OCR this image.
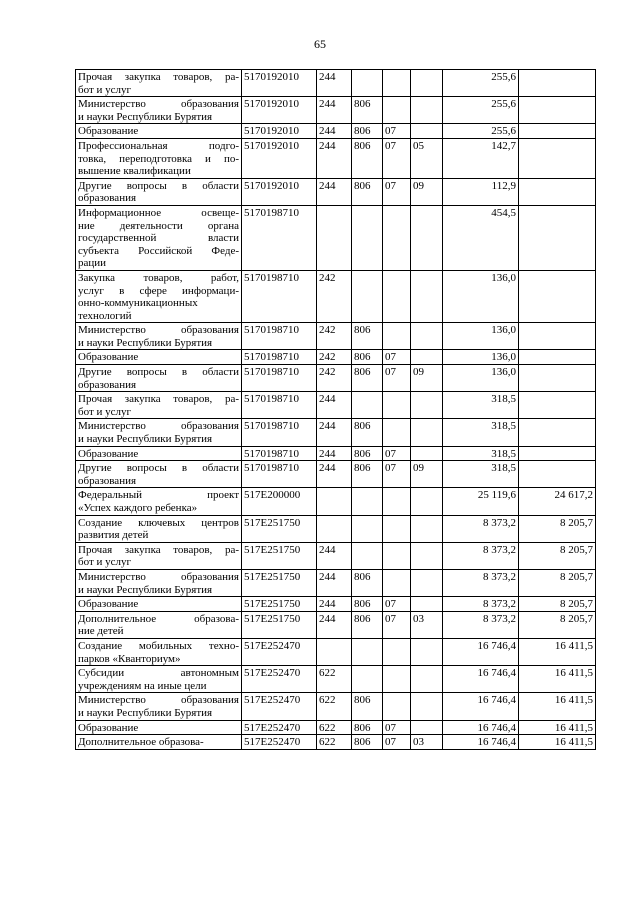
65
Прочая закупка товаров, ра-
бот и услуг	5170192010	244				255,6	

Министерство образования
и науки Республики Бурятия	5170192010	244	806			255,6	

Образование	5170192010	244	806	07		255,6	

Профессиональная подго-
товка, переподготовка и по-
вышение квалификации	5170192010	244	806	07	05	142,7	

Другие вопросы в области
образования	5170192010	244	806	07	09	112,9	

Информационное освеще-
ние деятельности органа
государственной власти
субъекта Российской Феде-
рации	5170198710					454,5	

Закупка товаров, работ,
услуг в сфере информаци-
онно-коммуникационных
технологий	5170198710	242				136,0	

Министерство образования
и науки Республики Бурятия	5170198710	242	806			136,0	

Образование	5170198710	242	806	07		136,0	

Другие вопросы в области
образования	5170198710	242	806	07	09	136,0	

Прочая закупка товаров, ра-
бот и услуг	5170198710	244				318,5	

Министерство образования
и науки Республики Бурятия	5170198710	244	806			318,5	

Образование	5170198710	244	806	07		318,5	

Другие вопросы в области
образования	5170198710	244	806	07	09	318,5	

Федеральный проект
«Успех каждого ребенка»	517E200000					25 119,6	24 617,2

Создание ключевых центров
развития детей	517E251750					8 373,2	8 205,7

Прочая закупка товаров, ра-
бот и услуг	517E251750	244				8 373,2	8 205,7

Министерство образования
и науки Республики Бурятия	517E251750	244	806			8 373,2	8 205,7

Образование	517E251750	244	806	07		8 373,2	8 205,7

Дополнительное образова-
ние детей	517E251750	244	806	07	03	8 373,2	8 205,7

Создание мобильных техно-
парков «Кванториум»	517E252470					16 746,4	16 411,5

Субсидии автономным
учреждениям на иные цели	517E252470	622				16 746,4	16 411,5

Министерство образования
и науки Республики Бурятия	517E252470	622	806			16 746,4	16 411,5

Образование	517E252470	622	806	07		16 746,4	16 411,5

Дополнительное образова-	517E252470	622	806	07	03	16 746,4	16 411,5
